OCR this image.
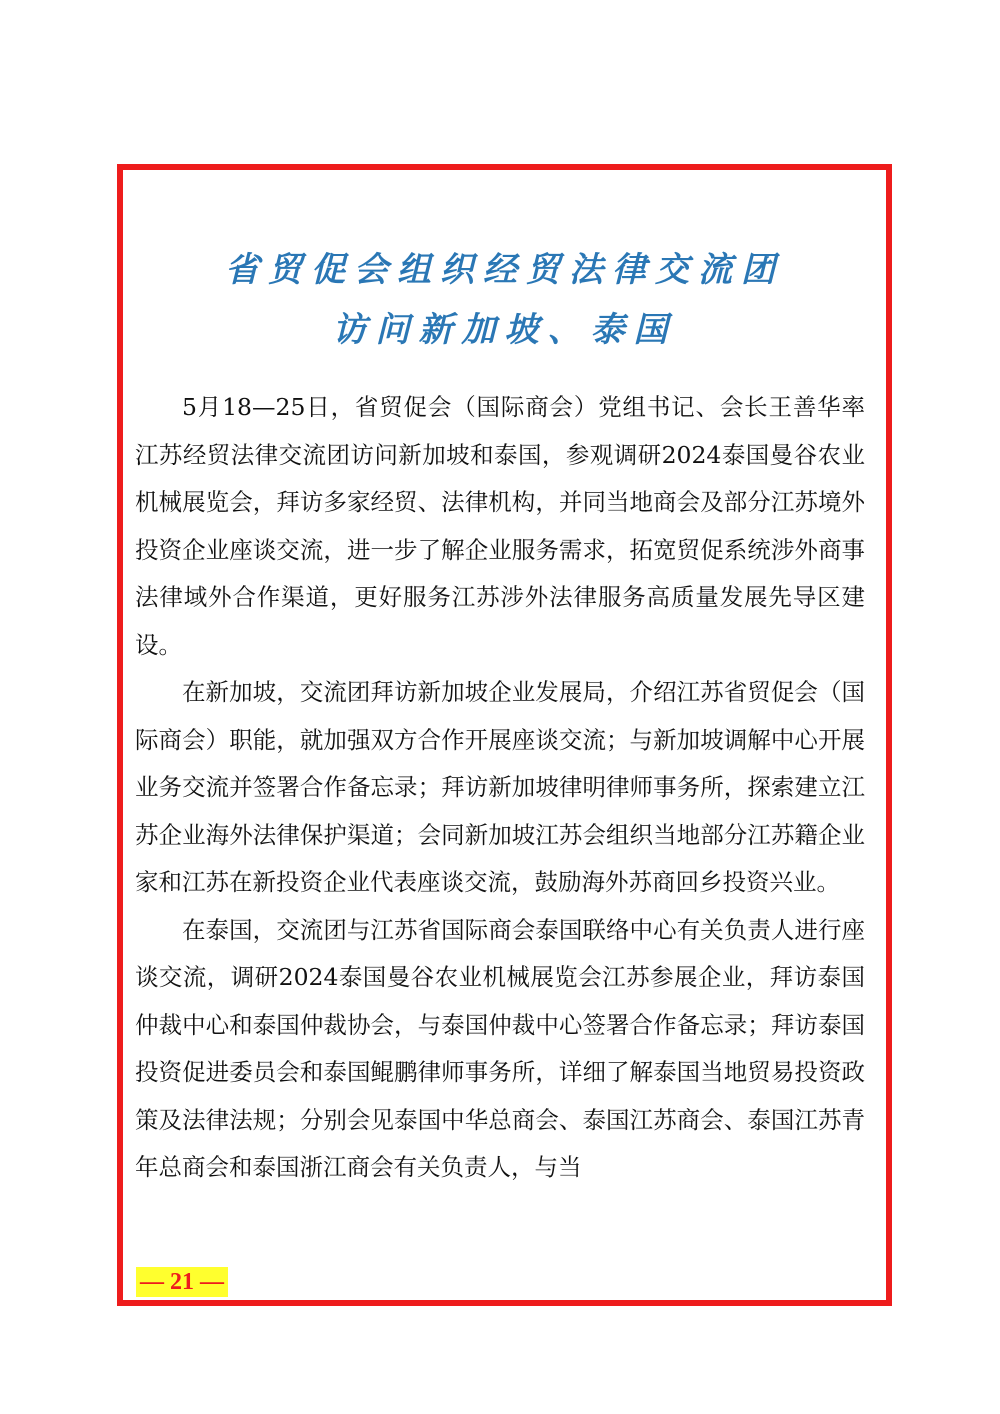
省贸促会组织经贸法律交流团
访问新加坡、泰国

5月18—25日，省贸促会（国际商会）党组书记、会长王善华率江苏经贸法律交流团访问新加坡和泰国，参观调研2024泰国曼谷农业机械展览会，拜访多家经贸、法律机构，并同当地商会及部分江苏境外投资企业座谈交流，进一步了解企业服务需求，拓宽贸促系统涉外商事法律域外合作渠道，更好服务江苏涉外法律服务高质量发展先导区建设。

在新加坡，交流团拜访新加坡企业发展局，介绍江苏省贸促会（国际商会）职能，就加强双方合作开展座谈交流；与新加坡调解中心开展业务交流并签署合作备忘录；拜访新加坡律明律师事务所，探索建立江苏企业海外法律保护渠道；会同新加坡江苏会组织当地部分江苏籍企业家和江苏在新投资企业代表座谈交流，鼓励海外苏商回乡投资兴业。

在泰国，交流团与江苏省国际商会泰国联络中心有关负责人进行座谈交流，调研2024泰国曼谷农业机械展览会江苏参展企业，拜访泰国仲裁中心和泰国仲裁协会，与泰国仲裁中心签署合作备忘录；拜访泰国投资促进委员会和泰国鲲鹏律师事务所，详细了解泰国当地贸易投资政策及法律法规；分别会见泰国中华总商会、泰国江苏商会、泰国江苏青年总商会和泰国浙江商会有关负责人，与当

— 21 —
